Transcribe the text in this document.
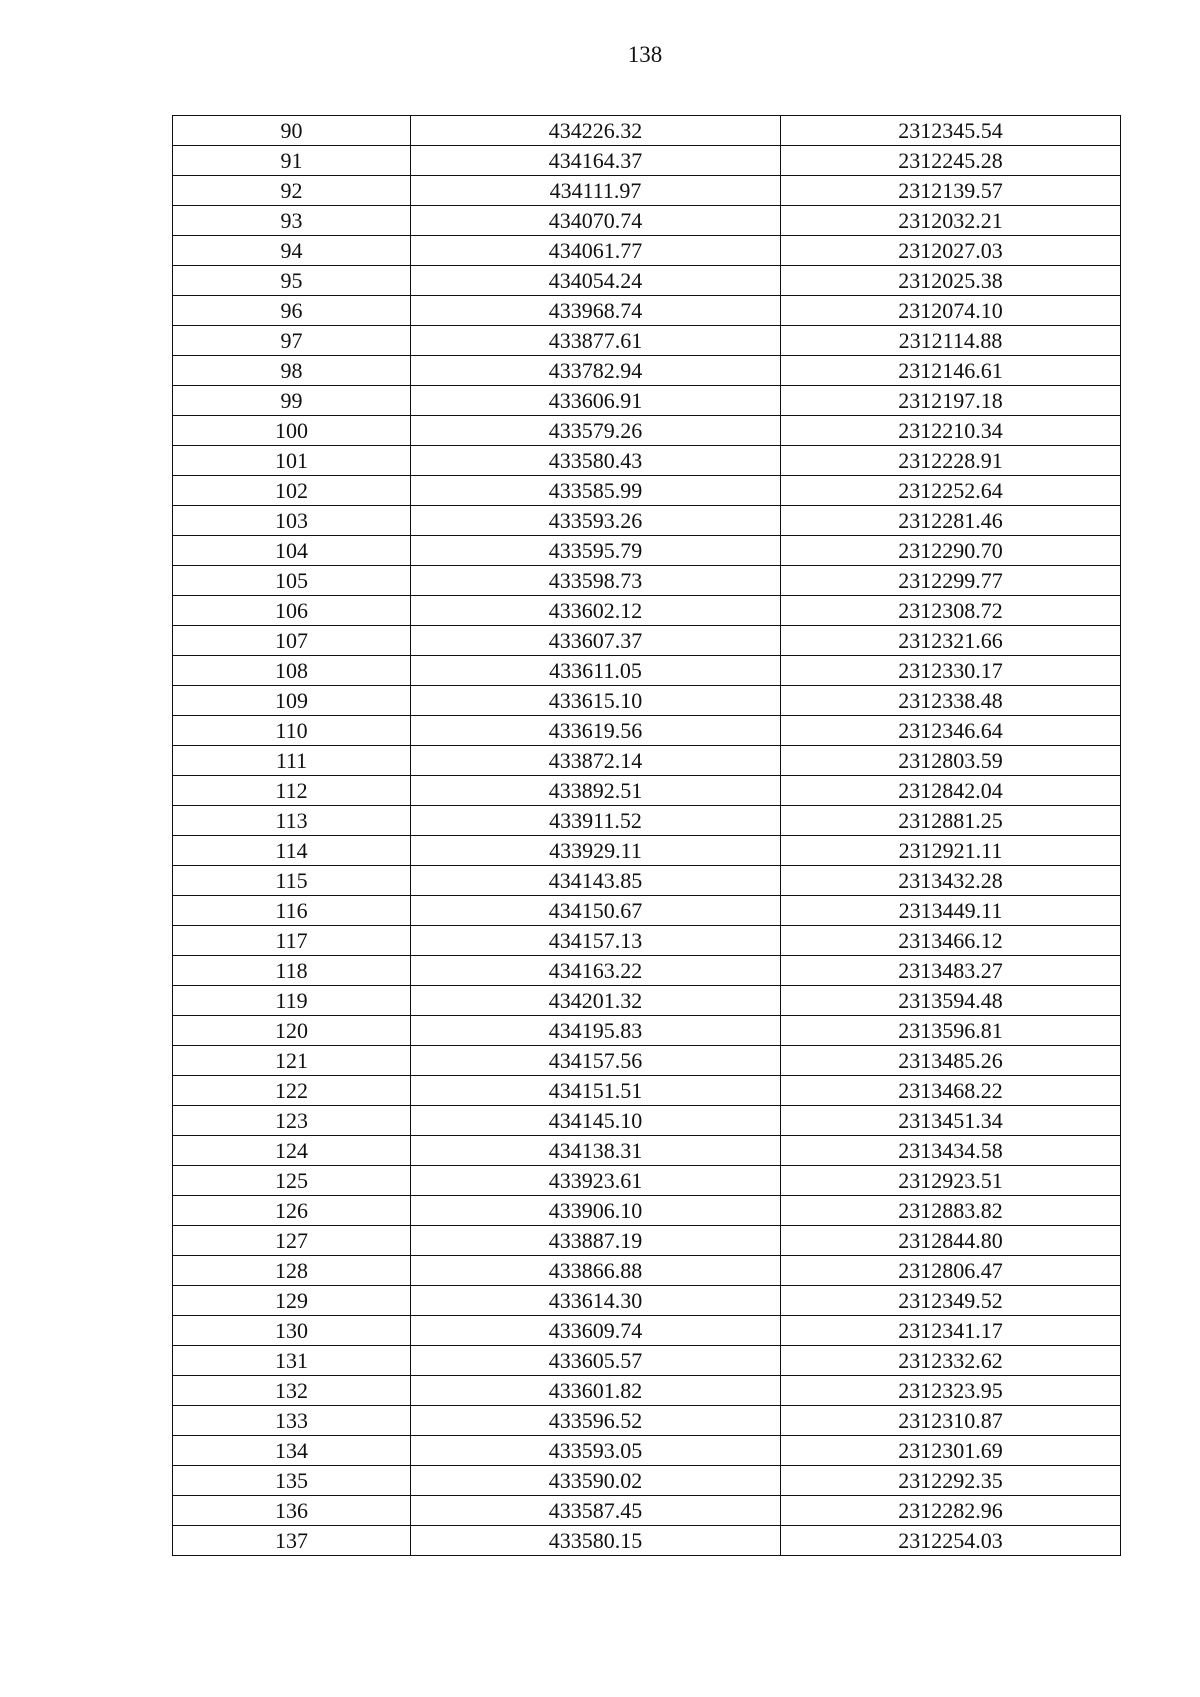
138
90	434226.32	2312345.54
91	434164.37	2312245.28
92	434111.97	2312139.57
93	434070.74	2312032.21
94	434061.77	2312027.03
95	434054.24	2312025.38
96	433968.74	2312074.10
97	433877.61	2312114.88
98	433782.94	2312146.61
99	433606.91	2312197.18
100	433579.26	2312210.34
101	433580.43	2312228.91
102	433585.99	2312252.64
103	433593.26	2312281.46
104	433595.79	2312290.70
105	433598.73	2312299.77
106	433602.12	2312308.72
107	433607.37	2312321.66
108	433611.05	2312330.17
109	433615.10	2312338.48
110	433619.56	2312346.64
111	433872.14	2312803.59
112	433892.51	2312842.04
113	433911.52	2312881.25
114	433929.11	2312921.11
115	434143.85	2313432.28
116	434150.67	2313449.11
117	434157.13	2313466.12
118	434163.22	2313483.27
119	434201.32	2313594.48
120	434195.83	2313596.81
121	434157.56	2313485.26
122	434151.51	2313468.22
123	434145.10	2313451.34
124	434138.31	2313434.58
125	433923.61	2312923.51
126	433906.10	2312883.82
127	433887.19	2312844.80
128	433866.88	2312806.47
129	433614.30	2312349.52
130	433609.74	2312341.17
131	433605.57	2312332.62
132	433601.82	2312323.95
133	433596.52	2312310.87
134	433593.05	2312301.69
135	433590.02	2312292.35
136	433587.45	2312282.96
137	433580.15	2312254.03
